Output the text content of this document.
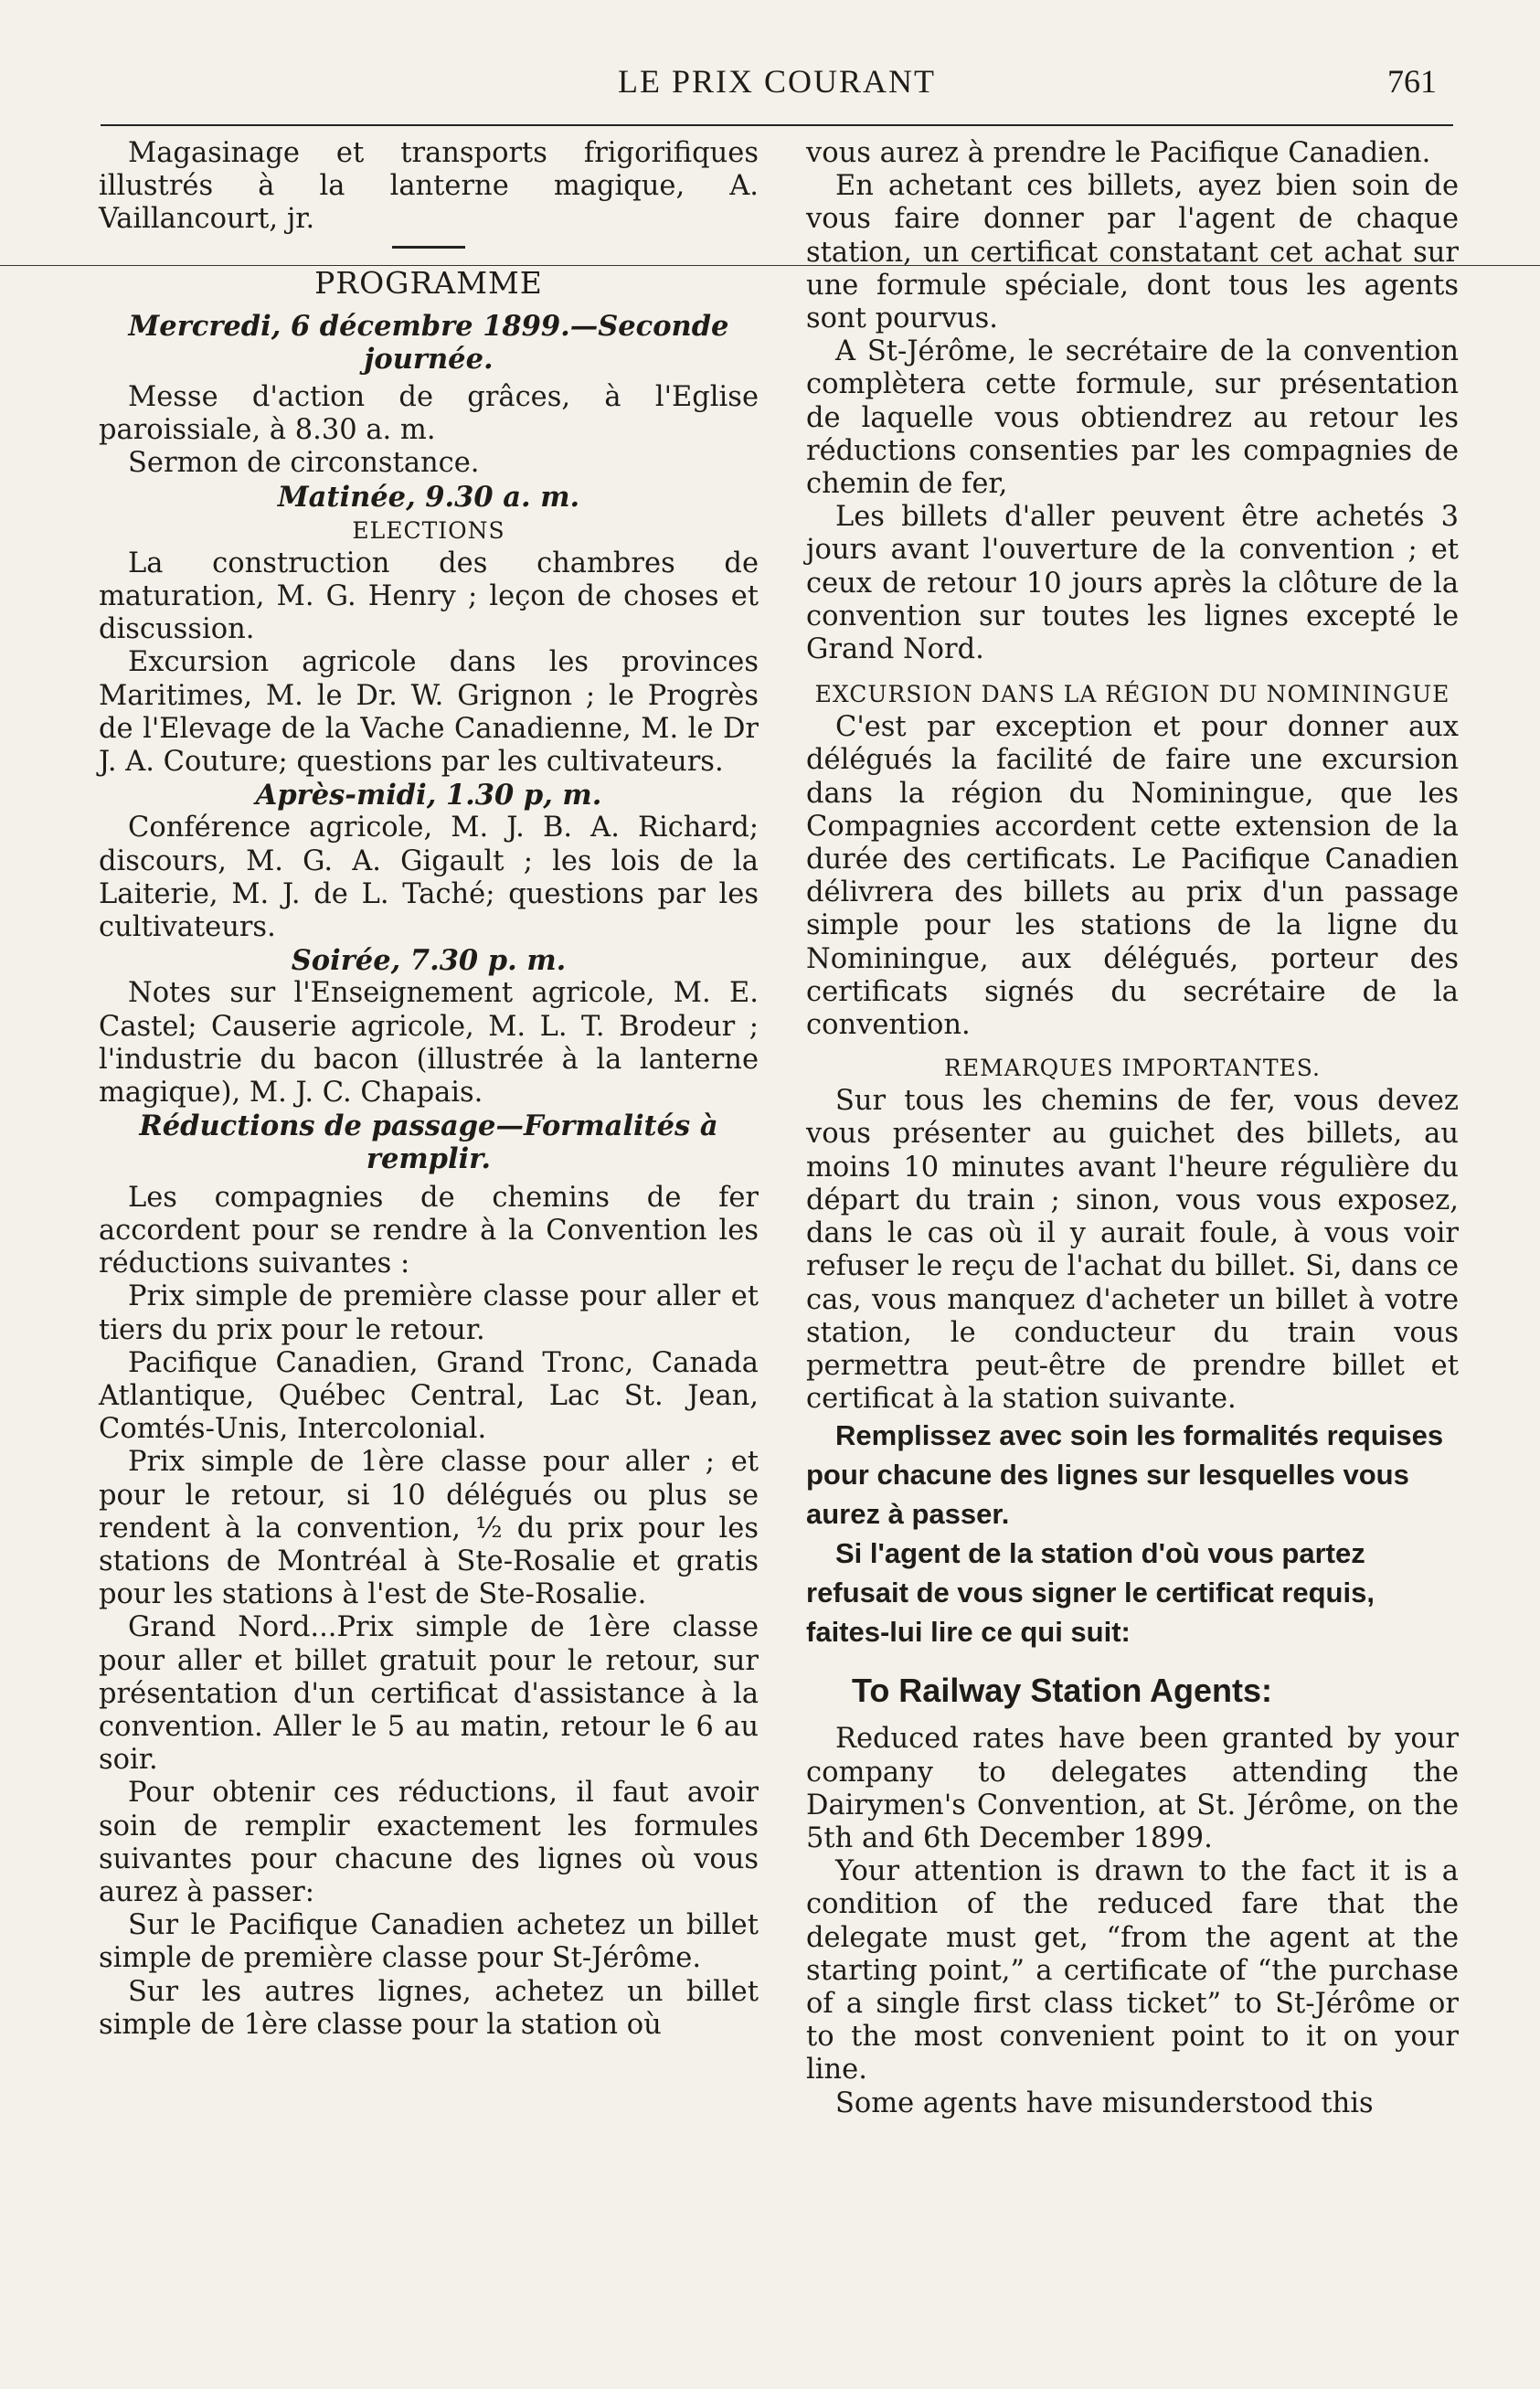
LE PRIX COURANT	761

Magasinage et transports frigorifiques illustrés à la lanterne magique, A. Vaillancourt, jr.

PROGRAMME

Mercredi, 6 décembre 1899.—Seconde journée.

Messe d'action de grâces, à l'Eglise paroissiale, à 8.30 a. m.

Sermon de circonstance.

Matinée, 9.30 a. m.

ELECTIONS

La construction des chambres de maturation, M. G. Henry ; leçon de choses et discussion.

Excursion agricole dans les provinces Maritimes, M. le Dr. W. Grignon ; le Progrès de l'Elevage de la Vache Canadienne, M. le Dr J. A. Couture; questions par les cultivateurs.

Après-midi, 1.30 p, m.

Conférence agricole, M. J. B. A. Richard; discours, M. G. A. Gigault ; les lois de la Laiterie, M. J. de L. Taché; questions par les cultivateurs.

Soirée, 7.30 p. m.

Notes sur l'Enseignement agricole, M. E. Castel; Causerie agricole, M. L. T. Brodeur ; l'industrie du bacon (illustrée à la lanterne magique), M. J. C. Chapais.

Réductions de passage—Formalités à remplir.

Les compagnies de chemins de fer accordent pour se rendre à la Convention les réductions suivantes :

Prix simple de première classe pour aller et tiers du prix pour le retour.

Pacifique Canadien, Grand Tronc, Canada Atlantique, Québec Central, Lac St. Jean, Comtés-Unis, Intercolonial.

Prix simple de 1ère classe pour aller ; et pour le retour, si 10 délégués ou plus se rendent à la convention, ½ du prix pour les stations de Montréal à Ste-Rosalie et gratis pour les stations à l'est de Ste-Rosalie.

Grand Nord...Prix simple de 1ère classe pour aller et billet gratuit pour le retour, sur présentation d'un certificat d'assistance à la convention. Aller le 5 au matin, retour le 6 au soir.

Pour obtenir ces réductions, il faut avoir soin de remplir exactement les formules suivantes pour chacune des lignes où vous aurez à passer:

Sur le Pacifique Canadien achetez un billet simple de première classe pour St-Jérôme.

Sur les autres lignes, achetez un billet simple de 1ère classe pour la station où

vous aurez à prendre le Pacifique Canadien.

En achetant ces billets, ayez bien soin de vous faire donner par l'agent de chaque station, un certificat constatant cet achat sur une formule spéciale, dont tous les agents sont pourvus.

A St-Jérôme, le secrétaire de la convention complètera cette formule, sur présentation de laquelle vous obtiendrez au retour les réductions consenties par les compagnies de chemin de fer,

Les billets d'aller peuvent être achetés 3 jours avant l'ouverture de la convention ; et ceux de retour 10 jours après la clôture de la convention sur toutes les lignes excepté le Grand Nord.

EXCURSION DANS LA RÉGION DU NOMININGUE

C'est par exception et pour donner aux délégués la facilité de faire une excursion dans la région du Nominingue, que les Compagnies accordent cette extension de la durée des certificats. Le Pacifique Canadien délivrera des billets au prix d'un passage simple pour les stations de la ligne du Nominingue, aux délégués, porteur des certificats signés du secrétaire de la convention.

REMARQUES IMPORTANTES.

Sur tous les chemins de fer, vous devez vous présenter au guichet des billets, au moins 10 minutes avant l'heure régulière du départ du train ; sinon, vous vous exposez, dans le cas où il y aurait foule, à vous voir refuser le reçu de l'achat du billet. Si, dans ce cas, vous manquez d'acheter un billet à votre station, le conducteur du train vous permettra peut-être de prendre billet et certificat à la station suivante.

Remplissez avec soin les formalités requises pour chacune des lignes sur lesquelles vous aurez à passer.

Si l'agent de la station d'où vous partez refusait de vous signer le certificat requis, faites-lui lire ce qui suit:

To Railway Station Agents:

Reduced rates have been granted by your company to delegates attending the Dairymen's Convention, at St. Jérôme, on the 5th and 6th December 1899.

Your attention is drawn to the fact it is a condition of the reduced fare that the delegate must get, “from the agent at the starting point,” a certificate of “the purchase of a single first class ticket” to St-Jérôme or to the most convenient point to it on your line.

Some agents have misunderstood this
